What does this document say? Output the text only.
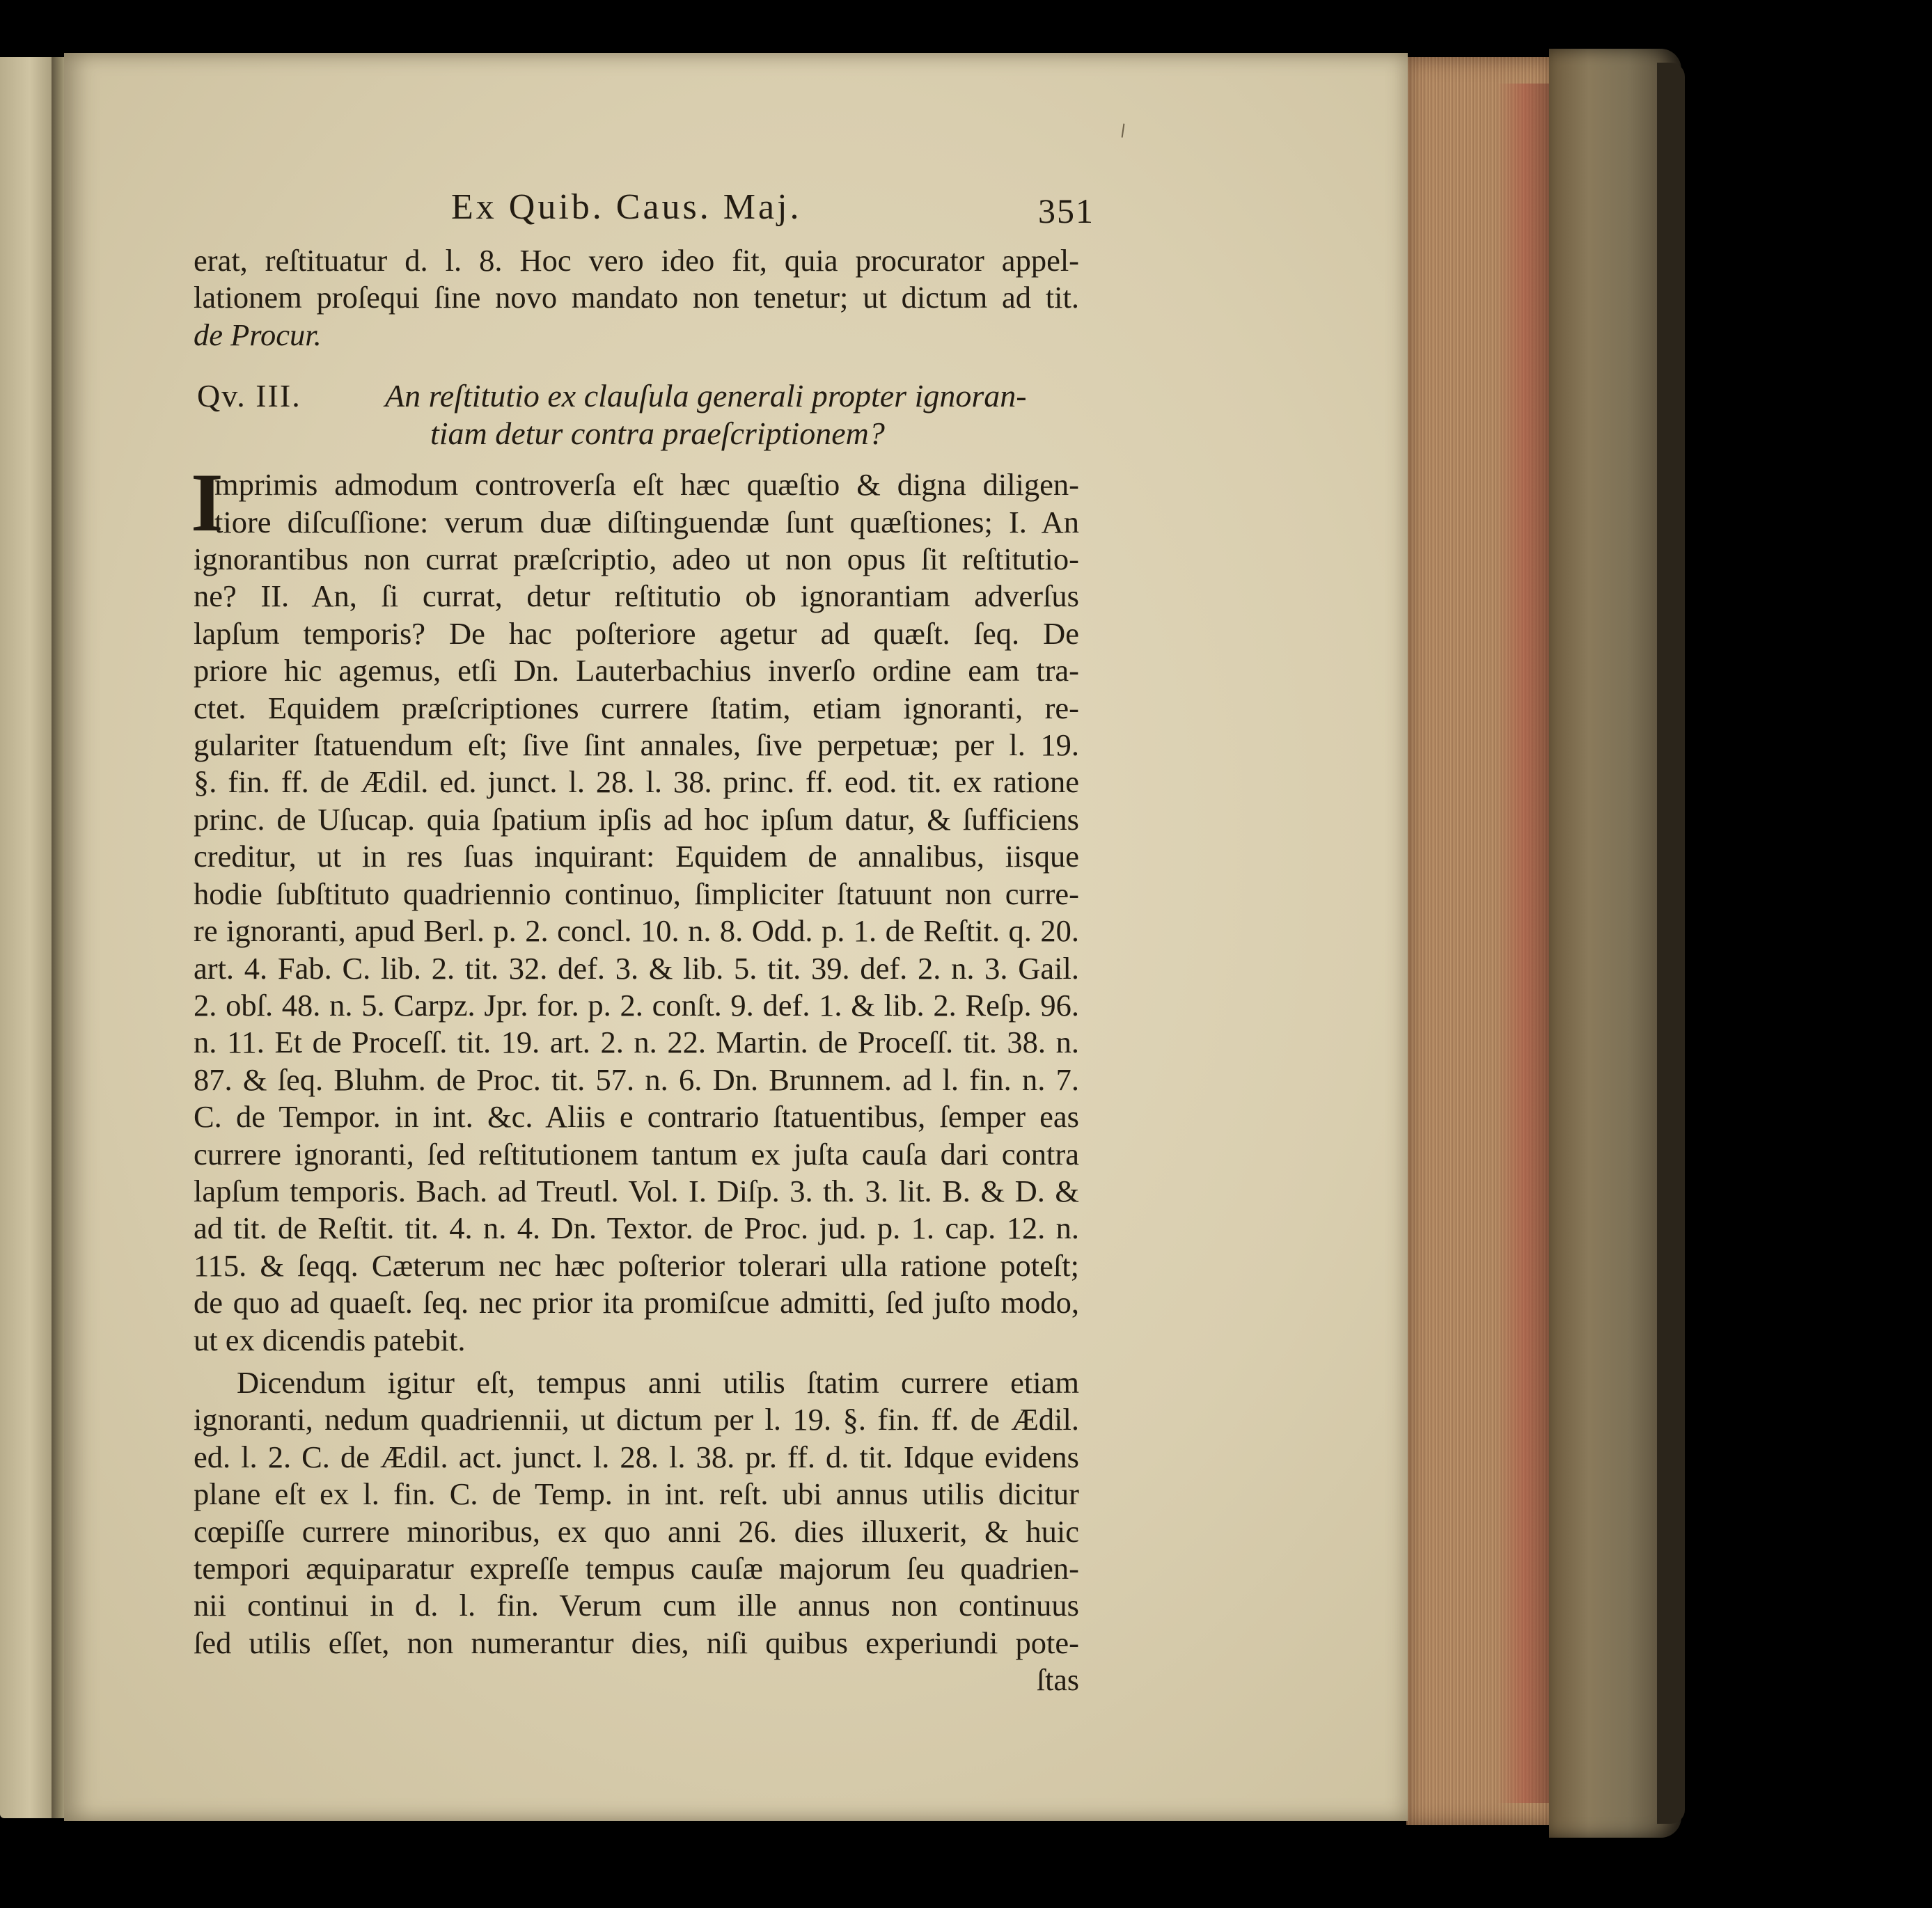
Ex Quib. Caus. Maj.	351
erat, reſtituatur d. l. 8. Hoc vero ideo fit, quia procurator appel-
lationem proſequi ſine novo mandato non tenetur; ut dictum ad tit.
de Procur.
Qv. III.	An reſtitutio ex clauſula generali propter ignoran-
tiam detur contra praeſcriptionem?
I
mprimis admodum controverſa eſt hæc quæſtio & digna diligen-
tiore diſcuſſione: verum duæ diſtinguendæ ſunt quæſtiones; I. An
ignorantibus non currat præſcriptio, adeo ut non opus ſit reſtitutio-
ne? II. An, ſi currat, detur reſtitutio ob ignorantiam adverſus
lapſum temporis? De hac poſteriore agetur ad quæſt. ſeq. De
priore hic agemus, etſi Dn. Lauterbachius inverſo ordine eam tra-
ctet. Equidem præſcriptiones currere ſtatim, etiam ignoranti, re-
gulariter ſtatuendum eſt; ſive ſint annales, ſive perpetuæ; per l. 19.
§. fin. ff. de Ædil. ed. junct. l. 28. l. 38. princ. ff. eod. tit. ex ratione
princ. de Uſucap. quia ſpatium ipſis ad hoc ipſum datur, & ſufficiens
creditur, ut in res ſuas inquirant: Equidem de annalibus, iisque
hodie ſubſtituto quadriennio continuo, ſimpliciter ſtatuunt non curre-
re ignoranti, apud Berl. p. 2. concl. 10. n. 8. Odd. p. 1. de Reſtit. q. 20.
art. 4. Fab. C. lib. 2. tit. 32. def. 3. & lib. 5. tit. 39. def. 2. n. 3. Gail.
2. obſ. 48. n. 5. Carpz. Jpr. for. p. 2. conſt. 9. def. 1. & lib. 2. Reſp. 96.
n. 11. Et de Proceſſ. tit. 19. art. 2. n. 22. Martin. de Proceſſ. tit. 38. n.
87. & ſeq. Bluhm. de Proc. tit. 57. n. 6. Dn. Brunnem. ad l. fin. n. 7.
C. de Tempor. in int. &c. Aliis e contrario ſtatuentibus, ſemper eas
currere ignoranti, ſed reſtitutionem tantum ex juſta cauſa dari contra
lapſum temporis. Bach. ad Treutl. Vol. I. Diſp. 3. th. 3. lit. B. & D. &
ad tit. de Reſtit. tit. 4. n. 4. Dn. Textor. de Proc. jud. p. 1. cap. 12. n.
115. & ſeqq. Cæterum nec hæc poſterior tolerari ulla ratione poteſt;
de quo ad quaeſt. ſeq. nec prior ita promiſcue admitti, ſed juſto modo,
ut ex dicendis patebit.
Dicendum igitur eſt, tempus anni utilis ſtatim currere etiam
ignoranti, nedum quadriennii, ut dictum per l. 19. §. fin. ff. de Ædil.
ed. l. 2. C. de Ædil. act. junct. l. 28. l. 38. pr. ff. d. tit. Idque evidens
plane eſt ex l. fin. C. de Temp. in int. reſt. ubi annus utilis dicitur
cœpiſſe currere minoribus, ex quo anni 26. dies illuxerit, & huic
tempori æquiparatur expreſſe tempus cauſæ majorum ſeu quadrien-
nii continui in d. l. fin. Verum cum ille annus non continuus
ſed utilis eſſet, non numerantur dies, niſi quibus experiundi pote-
ſtas
